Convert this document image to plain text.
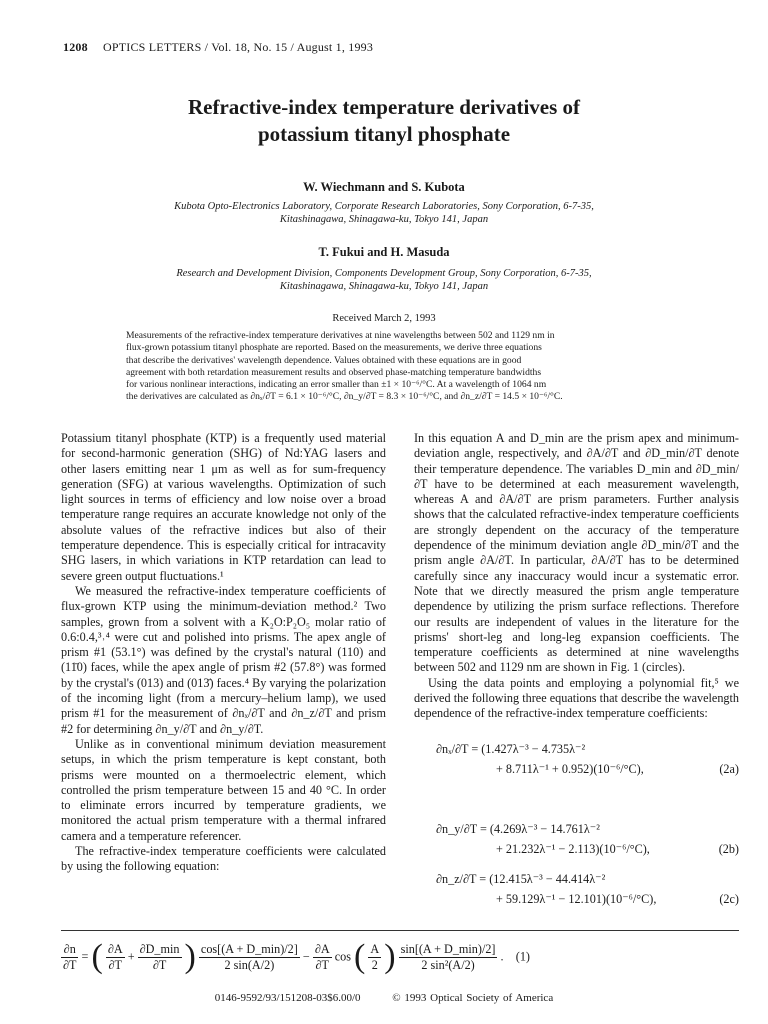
1208 OPTICS LETTERS / Vol. 18, No. 15 / August 1, 1993
Refractive-index temperature derivatives of
potassium titanyl phosphate
W. Wiechmann and S. Kubota
Kubota Opto-Electronics Laboratory, Corporate Research Laboratories, Sony Corporation, 6-7-35,
Kitashinagawa, Shinagawa-ku, Tokyo 141, Japan
T. Fukui and H. Masuda
Research and Development Division, Components Development Group, Sony Corporation, 6-7-35,
Kitashinagawa, Shinagawa-ku, Tokyo 141, Japan
Received March 2, 1993
Measurements of the refractive-index temperature derivatives at nine wavelengths between 502 and 1129 nm in
flux-grown potassium titanyl phosphate are reported. Based on the measurements, we derive three equations
that describe the derivatives' wavelength dependence. Values obtained with these equations are in good
agreement with both retardation measurement results and observed phase-matching temperature bandwidths
for various nonlinear interactions, indicating an error smaller than ±1 × 10⁻⁶/°C. At a wavelength of 1064 nm
the derivatives are calculated as ∂nₓ/∂T = 6.1 × 10⁻⁶/°C, ∂n_y/∂T = 8.3 × 10⁻⁶/°C, and ∂n_z/∂T = 14.5 × 10⁻⁶/°C.

Potassium titanyl phosphate (KTP) is a frequently used material for second-harmonic generation (SHG) of Nd:YAG lasers and other lasers emitting near 1 μm as well as for sum-frequency generation (SFG) at various wavelengths. Optimization of such light sources in terms of efficiency and low noise over a broad temperature range requires an accurate knowledge not only of the absolute values of the refractive indices but also of their temperature dependence. This is especially critical for intracavity SHG lasers, in which variations in KTP retardation can lead to severe green output fluctuations.¹

We measured the refractive-index temperature coefficients of flux-grown KTP using the minimum-deviation method.² Two samples, grown from a solvent with a K₂O:P₂O₅ molar ratio of 0.6:0.4,³˒⁴ were cut and polished into prisms. The apex angle of prism #1 (53.1°) was defined by the crystal's natural (110) and (11̄0) faces, while the apex angle of prism #2 (57.8°) was formed by the crystal's (013) and (013̄) faces.⁴ By varying the polarization of the incoming light (from a mercury–helium lamp), we used prism #1 for the measurement of ∂nₓ/∂T and ∂n_z/∂T and prism #2 for determining ∂n_y/∂T and ∂n_y/∂T.

Unlike as in conventional minimum deviation measurement setups, in which the prism temperature is kept constant, both prisms were mounted on a thermoelectric element, which controlled the prism temperature between 15 and 40 °C. In order to eliminate errors incurred by temperature gradients, we monitored the actual prism temperature with a thermal infrared camera and a temperature referencer.

The refractive-index temperature coefficients were calculated by using the following equation:

In this equation A and D_min are the prism apex and minimum-deviation angle, respectively, and ∂A/∂T and ∂D_min/∂T denote their temperature dependence. The variables D_min and ∂D_min/∂T have to be determined at each measurement wavelength, whereas A and ∂A/∂T are prism parameters. Further analysis shows that the calculated refractive-index temperature coefficients are strongly dependent on the accuracy of the temperature dependence of the minimum deviation angle ∂D_min/∂T and the prism angle ∂A/∂T. In particular, ∂A/∂T has to be determined carefully since any inaccuracy would incur a systematic error. Note that we directly measured the prism angle temperature dependence by utilizing the prism surface reflections. Therefore our results are independent of values in the literature for the prisms' short-leg and long-leg expansion coefficients. The temperature coefficients as determined at nine wavelengths between 502 and 1129 nm are shown in Fig. 1 (circles).

Using the data points and employing a polynomial fit,⁵ we derived the following three equations that describe the wavelength dependence of the refractive-index temperature coefficients:

∂nₓ/∂T = (1.427λ⁻³ − 4.735λ⁻²
+ 8.711λ⁻¹ + 0.952)(10⁻⁶/°C),	(2a)
∂n_y/∂T = (4.269λ⁻³ − 14.761λ⁻²
+ 21.232λ⁻¹ − 2.113)(10⁻⁶/°C),	(2b)
∂n_z/∂T = (12.415λ⁻³ − 44.414λ⁻²
+ 59.129λ⁻¹ − 12.101)(10⁻⁶/°C),	(2c)
$\frac{\partial n}{\partial T}$ = ( $\frac{\partial A}{\partial T} + \frac{\partial D\_\min}{\partial T}$ ) $\frac{\cos[(A + D\_\min)/2]}{2 \sin(A/2)} - \frac{\partial A}{\partial T}$ cos ( $\frac{A}{2}$ ) $\frac{\sin[(A + D\_\min)/2]}{\text{2 sin²(A/2)}}$ .    (1)
0146-9592/93/151208-03$6.00/0	© 1993 Optical Society of America
